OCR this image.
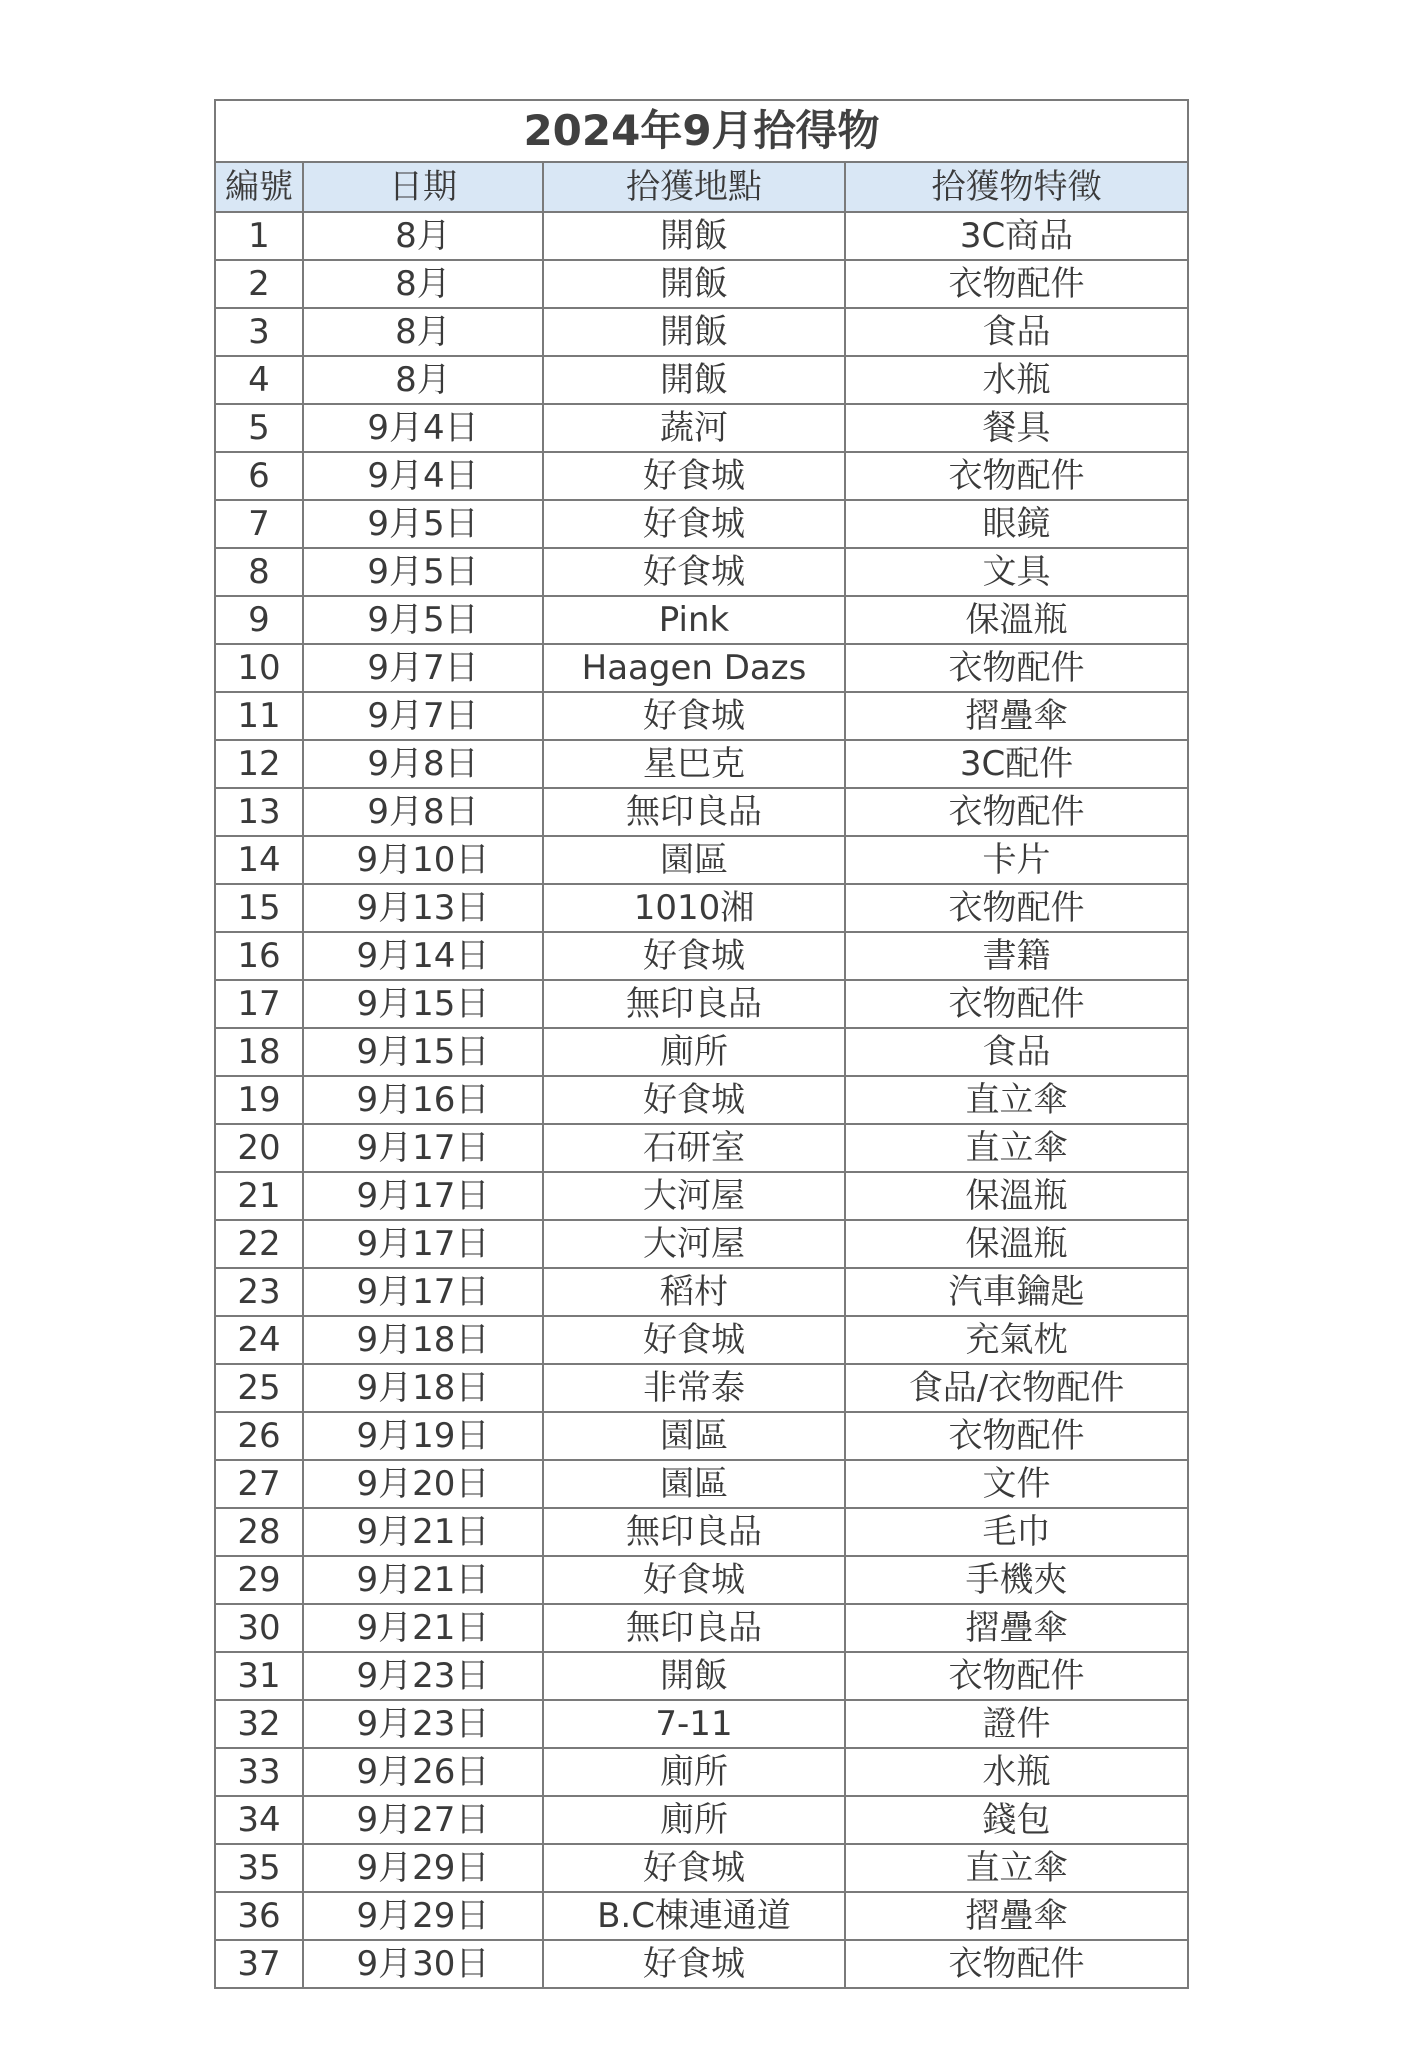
2024年9月拾得物			
編號	日期	拾獲地點	拾獲物特徵
1	8月	開飯	3C商品
2	8月	開飯	衣物配件
3	8月	開飯	食品
4	8月	開飯	水瓶
5	9月4日	蔬河	餐具
6	9月4日	好食城	衣物配件
7	9月5日	好食城	眼鏡
8	9月5日	好食城	文具
9	9月5日	Pink	保溫瓶
10	9月7日	Haagen Dazs	衣物配件
11	9月7日	好食城	摺疊傘
12	9月8日	星巴克	3C配件
13	9月8日	無印良品	衣物配件
14	9月10日	園區	卡片
15	9月13日	1010湘	衣物配件
16	9月14日	好食城	書籍
17	9月15日	無印良品	衣物配件
18	9月15日	廁所	食品
19	9月16日	好食城	直立傘
20	9月17日	石研室	直立傘
21	9月17日	大河屋	保溫瓶
22	9月17日	大河屋	保溫瓶
23	9月17日	稻村	汽車鑰匙
24	9月18日	好食城	充氣枕
25	9月18日	非常泰	食品/衣物配件
26	9月19日	園區	衣物配件
27	9月20日	園區	文件
28	9月21日	無印良品	毛巾
29	9月21日	好食城	手機夾
30	9月21日	無印良品	摺疊傘
31	9月23日	開飯	衣物配件
32	9月23日	7-11	證件
33	9月26日	廁所	水瓶
34	9月27日	廁所	錢包
35	9月29日	好食城	直立傘
36	9月29日	B.C棟連通道	摺疊傘
37	9月30日	好食城	衣物配件
